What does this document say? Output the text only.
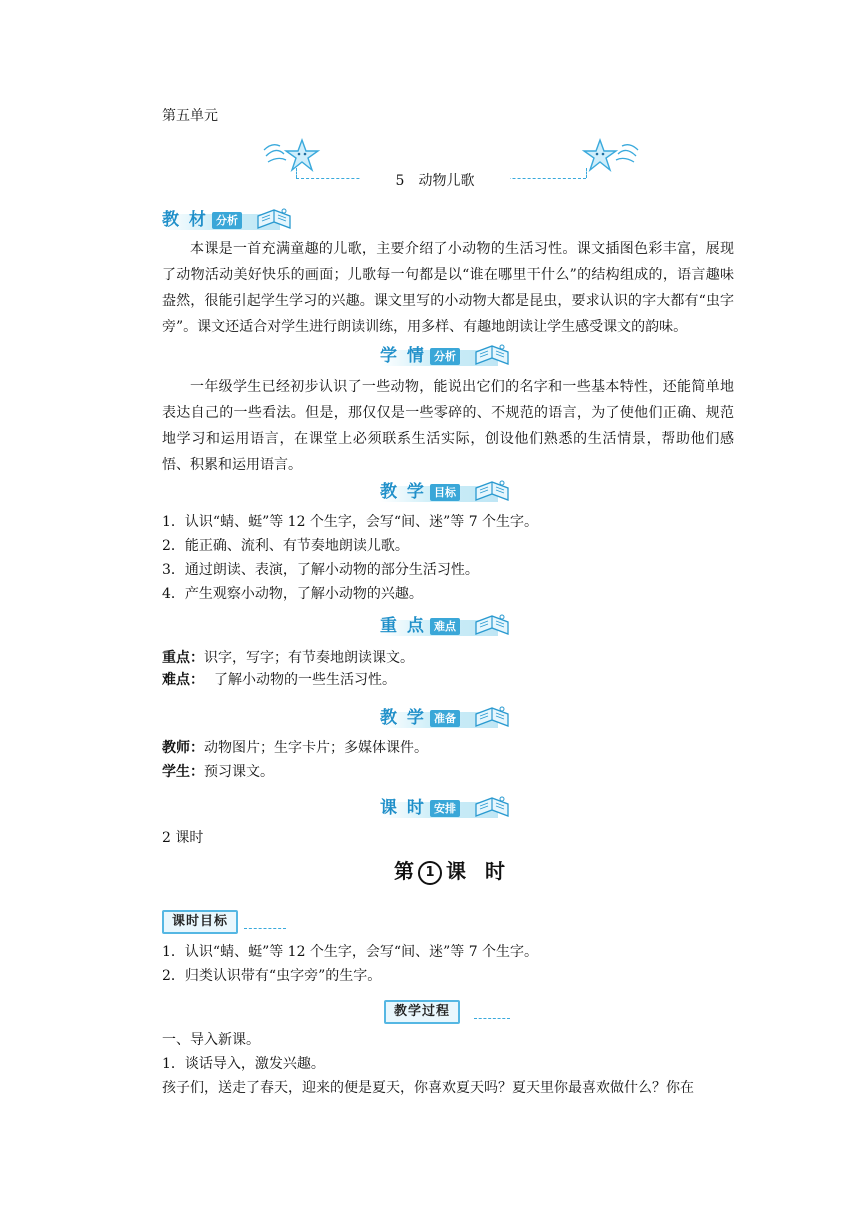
第五单元
5　动物儿歌
教 材 分析

本课是一首充满童趣的儿歌，主要介绍了小动物的生活习性。课文插图色彩丰富，展现了动物活动美好快乐的画面；儿歌每一句都是以“谁在哪里干什么”的结构组成的，语言趣味盎然，很能引起学生学习的兴趣。课文里写的小动物大都是昆虫，要求认识的字大都有“虫字旁”。课文还适合对学生进行朗读训练，用多样、有趣地朗读让学生感受课文的韵味。

学 情 分析

一年级学生已经初步认识了一些动物，能说出它们的名字和一些基本特性，还能简单地表达自己的一些看法。但是，那仅仅是一些零碎的、不规范的语言，为了使他们正确、规范地学习和运用语言，在课堂上必须联系生活实际，创设他们熟悉的生活情景，帮助他们感悟、积累和运用语言。

教 学 目标
1．认识“蜻、蜓”等 12 个生字，会写“间、迷”等 7 个生字。
2．能正确、流利、有节奏地朗读儿歌。
3．通过朗读、表演，了解小动物的部分生活习性。
4．产生观察小动物，了解小动物的兴趣。
重 点 难点
重点：识字，写字；有节奏地朗读课文。
难点： 了解小动物的一些生活习性。
教 学 准备
教师：动物图片；生字卡片；多媒体课件。
学生：预习课文。
课 时 安排
2 课时
第 1 课 时
课时目标
1．认识“蜻、蜓”等 12 个生字，会写“间、迷”等 7 个生字。
2．归类认识带有“虫字旁”的生字。
教学过程
一、导入新课。
1．谈话导入，激发兴趣。
孩子们，送走了春天，迎来的便是夏天，你喜欢夏天吗？夏天里你最喜欢做什么？你在
